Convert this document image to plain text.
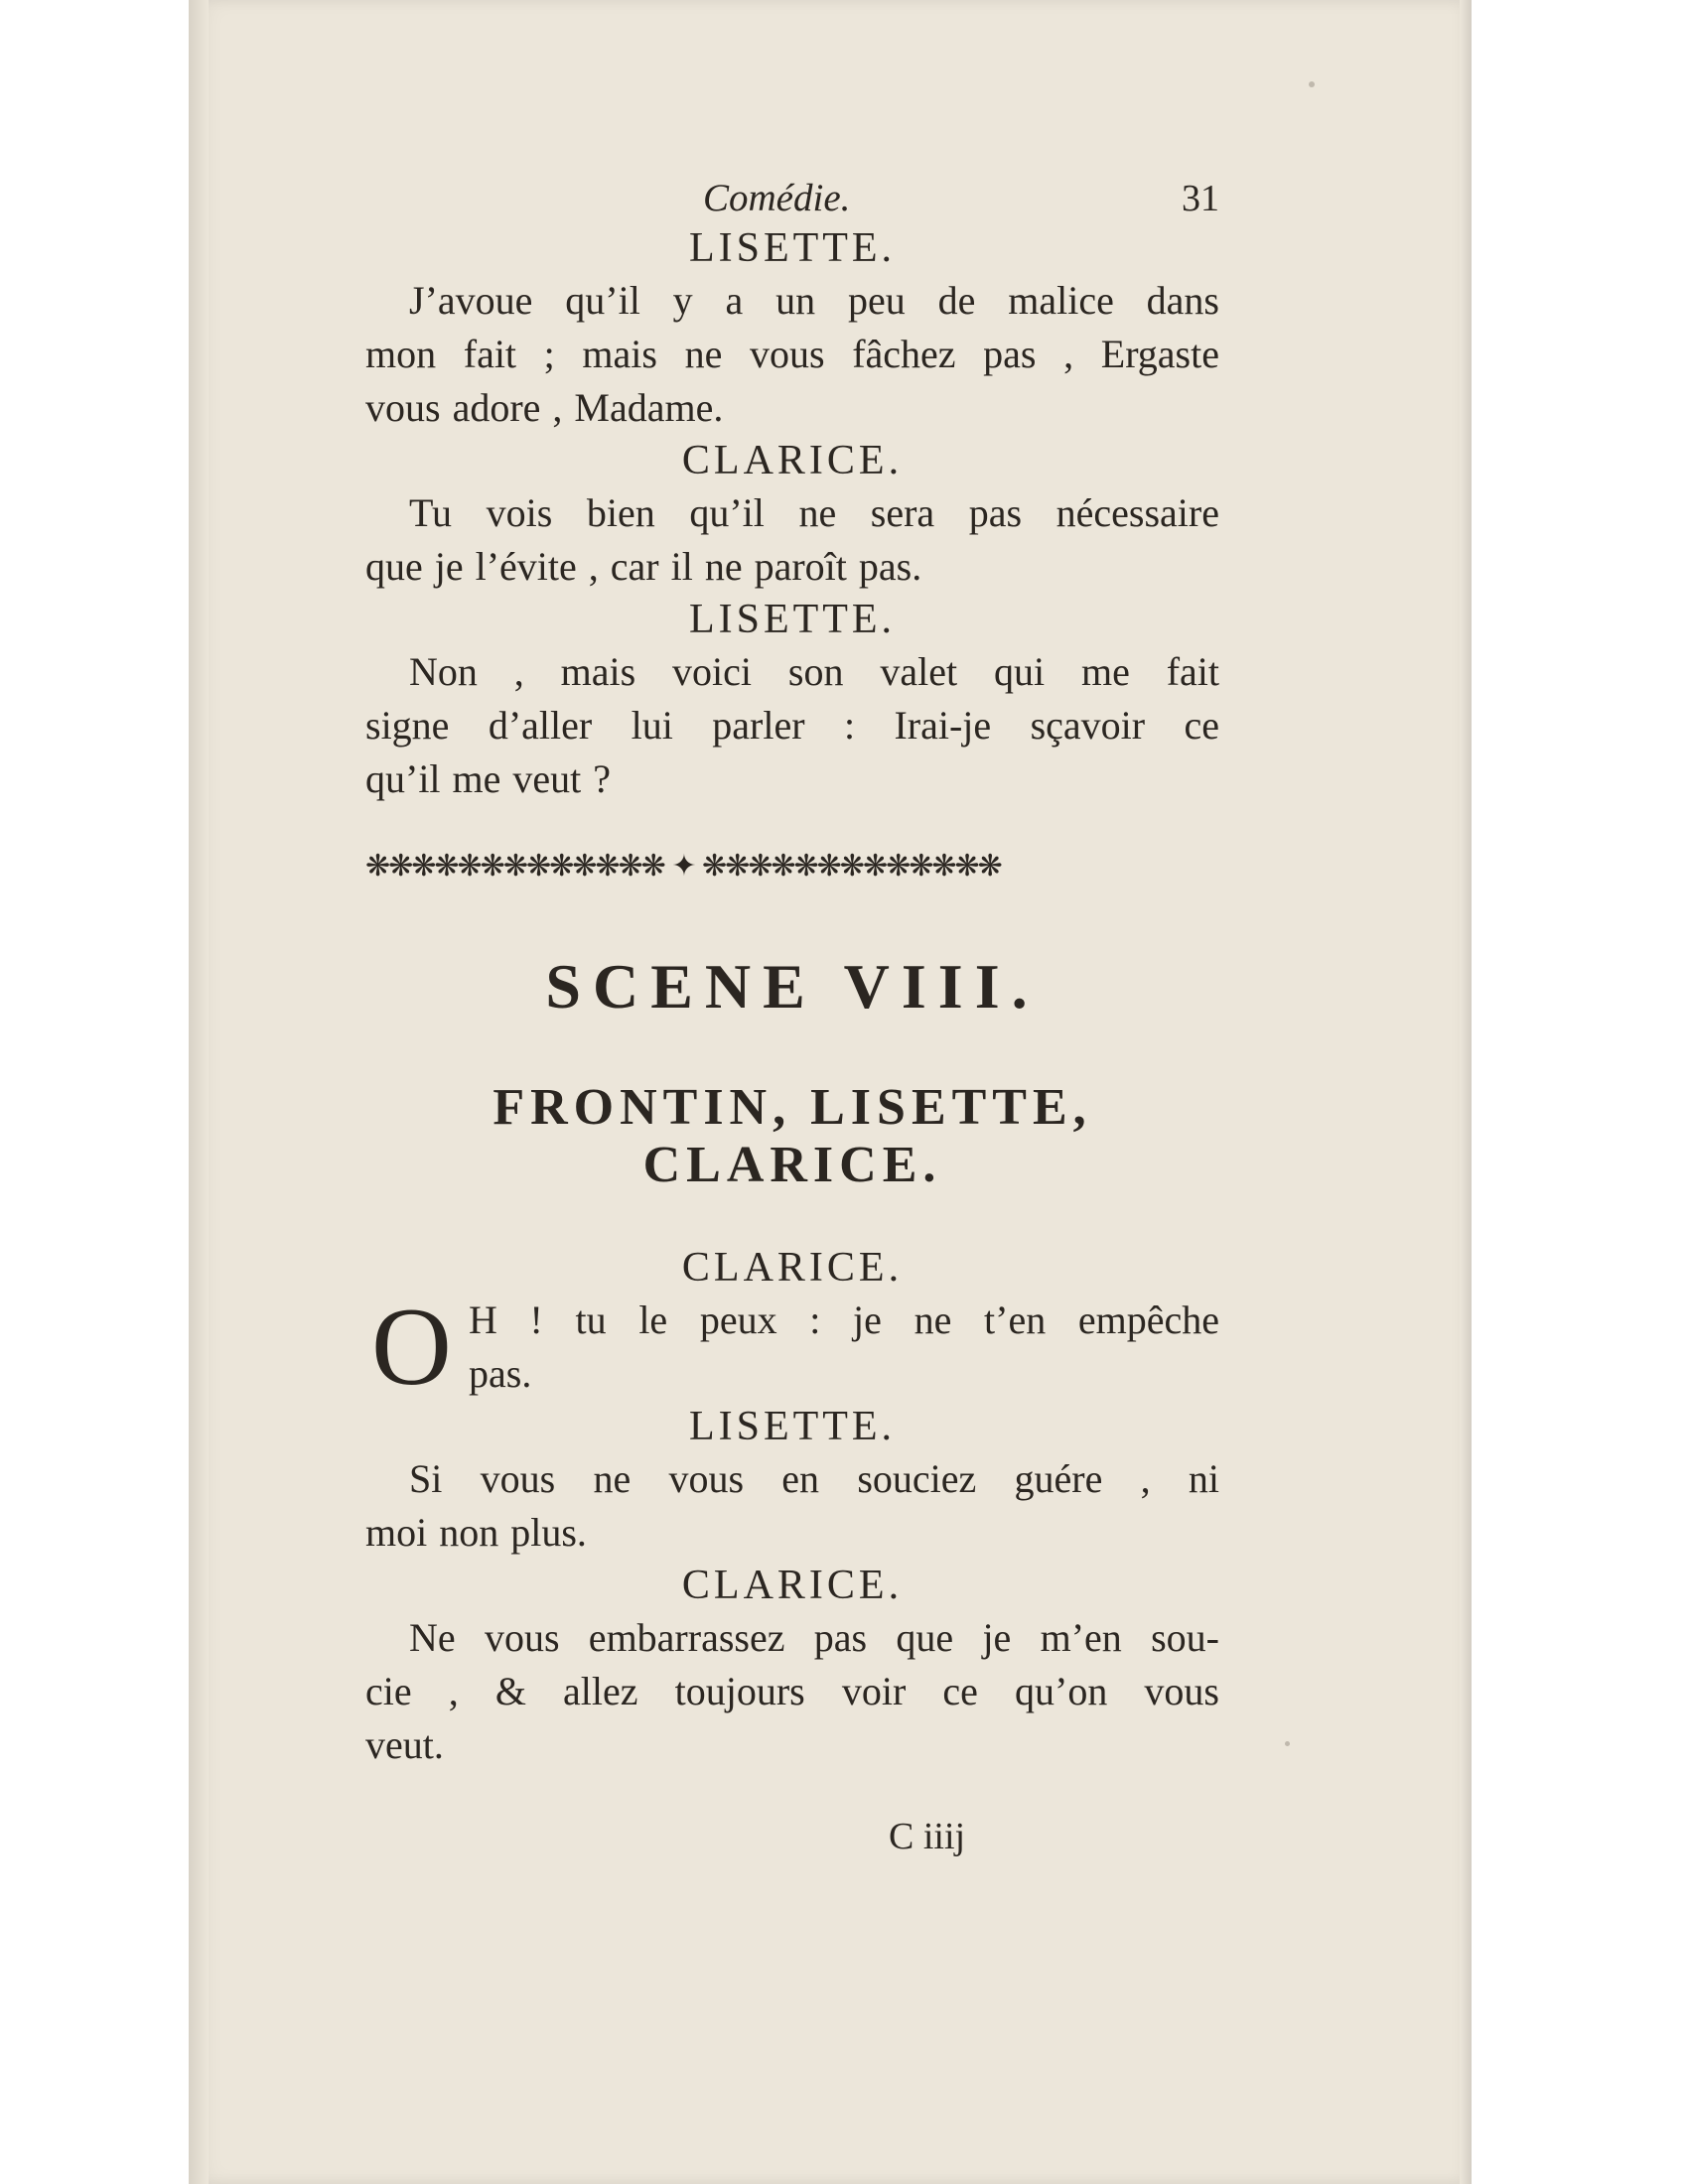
Comédie.	31
LISETTE.
J’avoue qu’il y a un peu de malice dans
mon fait ; mais ne vous fâchez pas , Ergaste
vous adore , Madame.
CLARICE.
Tu vois bien qu’il ne sera pas nécessaire
que je l’évite , car il ne paroît pas.
LISETTE.
Non , mais voici son valet qui me fait
signe d’aller lui parler : Irai-je sçavoir ce
qu’il me veut ?
❋❋❋❋❋❋❋❋❋❋❋❋❋ ✦ ❋❋❋❋❋❋❋❋❋❋❋❋❋
SCENE VIII.
FRONTIN, LISETTE,
CLARICE.
CLARICE.
O H ! tu le peux : je ne t’en empêche
pas.
LISETTE.
Si vous ne vous en souciez guére , ni
moi non plus.
CLARICE.
Ne vous embarrassez pas que je m’en sou-
cie , & allez toujours voir ce qu’on vous
veut.
C iiij
